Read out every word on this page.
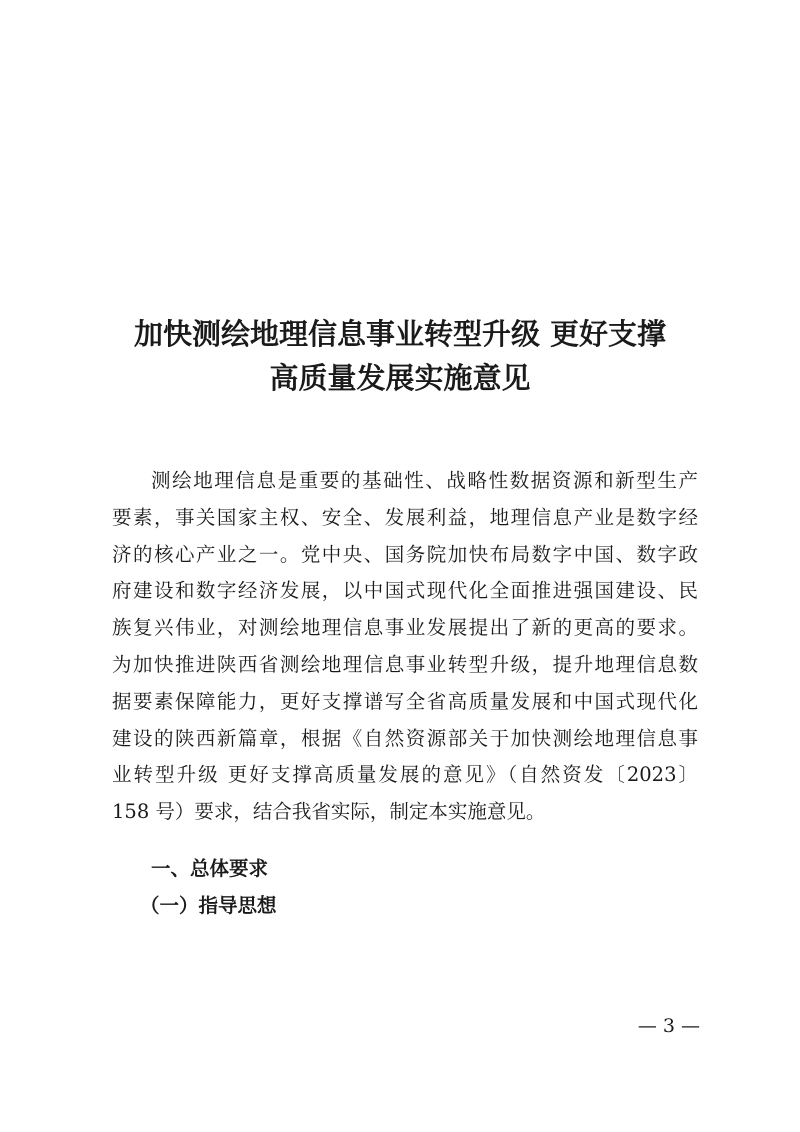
加快测绘地理信息事业转型升级 更好支撑
高质量发展实施意见
测绘地理信息是重要的基础性、战略性数据资源和新型生产
要素，事关国家主权、安全、发展利益，地理信息产业是数字经
济的核心产业之一。党中央、国务院加快布局数字中国、数字政
府建设和数字经济发展，以中国式现代化全面推进强国建设、民
族复兴伟业，对测绘地理信息事业发展提出了新的更高的要求。
为加快推进陕西省测绘地理信息事业转型升级，提升地理信息数
据要素保障能力，更好支撑谱写全省高质量发展和中国式现代化
建设的陕西新篇章，根据《自然资源部关于加快测绘地理信息事
业转型升级 更好支撑高质量发展的意见》（自然资发〔2023〕
158 号）要求，结合我省实际，制定本实施意见。
一、总体要求
（一）指导思想
— 3 —
